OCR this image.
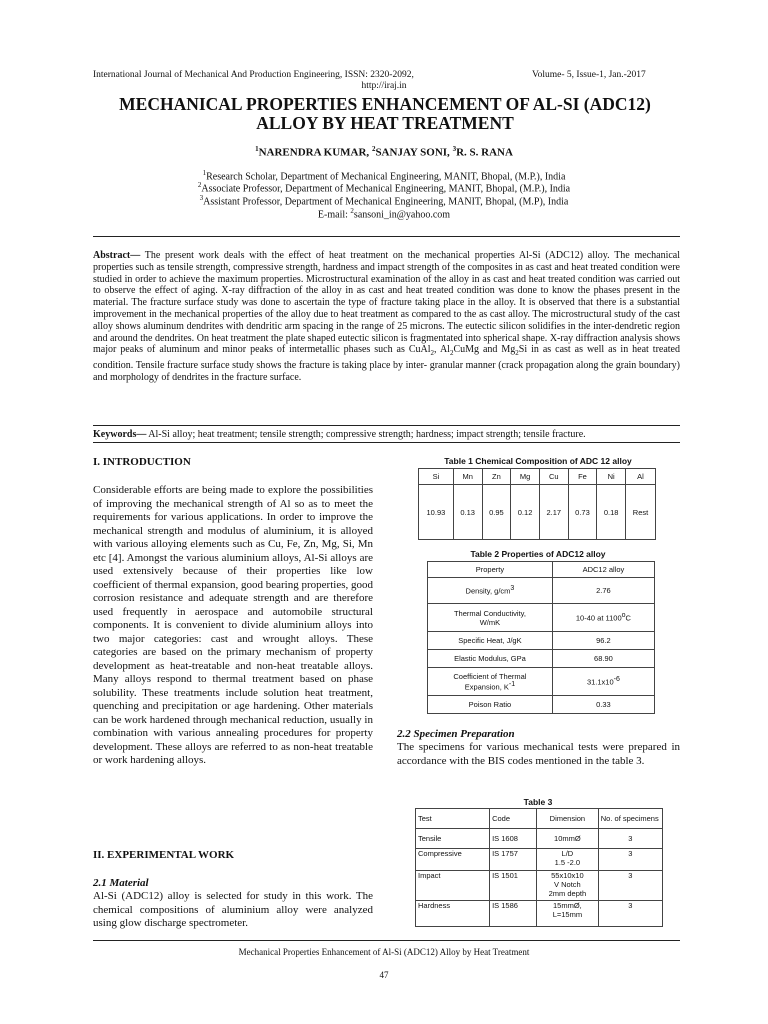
International Journal of Mechanical And Production Engineering, ISSN: 2320-2092,	Volume- 5, Issue-1, Jan.-2017
http://iraj.in
MECHANICAL PROPERTIES ENHANCEMENT OF AL-SI (ADC12)
ALLOY BY HEAT TREATMENT
$^1$NARENDRA KUMAR, $^2$SANJAY SONI, $^3$R. S. RANA
$^1$Research Scholar, Department of Mechanical Engineering, MANIT, Bhopal, (M.P.), India
$^2$Associate Professor, Department of Mechanical Engineering, MANIT, Bhopal, (M.P.), India
$^3$Assistant Professor, Department of Mechanical Engineering, MANIT, Bhopal, (M.P), India
E-mail: $^2$sansoni_in@yahoo.com
Abstract— The present work deals with the effect of heat treatment on the mechanical properties Al-Si (ADC12) alloy. The mechanical properties such as tensile strength, compressive strength, hardness and impact strength of the composites in as cast and heat treated condition were studied in order to achieve the maximum properties. Microstructural examination of the alloy in as cast and heat treated condition was carried out to observe the effect of aging. X-ray diffraction of the alloy in as cast and heat treated condition was done to know the phases present in the material. The fracture surface study was done to ascertain the type of fracture taking place in the alloy. It is observed that there is a substantial improvement in the mechanical properties of the alloy due to heat treatment as compared to the as cast alloy. The microstructural study of the cast alloy shows aluminum dendrites with dendritic arm spacing in the range of 25 microns. The eutectic silicon solidifies in the inter-dendretic region and around the dendrites. On heat treatment the plate shaped eutectic silicon is fragmentated into spherical shape. X-ray diffraction analysis shows major peaks of aluminum and minor peaks of intermetallic phases such as CuAl$_2$, $Al_2CuMg$ and $Mg_2Si$ in as cast as well as in heat treated condition. Tensile fracture surface study shows the fracture is taking place by inter- granular manner (crack propagation along the grain boundary) and morphology of dendrites in the fracture surface.
Keywords— Al-Si alloy; heat treatment; tensile strength; compressive strength; hardness; impact strength; tensile fracture.
I. INTRODUCTION
Considerable efforts are being made to explore the possibilities of improving the mechanical strength of Al so as to meet the requirements for various applications. In order to improve the mechanical strength and modulus of aluminium, it is alloyed with various alloying elements such as Cu, Fe, Zn, Mg, Si, Mn etc [4]. Amongst the various aluminium alloys, Al-Si alloys are used extensively because of their properties like low coefficient of thermal expansion, good bearing properties, good corrosion resistance and adequate strength and are therefore used frequently in aerospace and automobile structural components. It is convenient to divide aluminium alloys into two major categories: cast and wrought alloys. These categories are based on the primary mechanism of property development as heat-treatable and non-heat treatable alloys. Many alloys respond to thermal treatment based on phase solubility. These treatments include solution heat treatment, quenching and precipitation or age hardening. Other materials can be work hardened through mechanical reduction, usually in combination with various annealing procedures for property development. These alloys are referred to as non-heat treatable or work hardening alloys.
II. EXPERIMENTAL WORK
2.1 Material
Al-Si (ADC12) alloy is selected for study in this work. The chemical compositions of aluminium alloy were analyzed using glow discharge spectrometer.
Table 1 Chemical Composition of ADC 12 alloy
Si	Mn	Zn	Mg	Cu	Fe	Ni	Al
10.93	0.13	0.95	0.12	2.17	0.73	0.18	Rest
Table 2 Properties of ADC12 alloy
Property	ADC12 alloy
Density, $g/cm^3$	2.76
Thermal Conductivity,
W/mK	10-40 at 1100$^o$C
Specific Heat, J/gK	96.2
Elastic Modulus, GPa	68.90
Coefficient of Thermal
Expansion, $K^{-1}$	$31.1x10^{-6}$
Poison Ratio	0.33
2.2 Specimen Preparation
The specimens for various mechanical tests were prepared in accordance with the BIS codes mentioned in the table 3.
Table 3
Test	Code	Dimension	No. of specimens
Tensile	IS 1608	10mmØ	3
Compressive	IS 1757	L/D
1.5 -2.0	3
Impact	IS 1501	55x10x10
V Notch
2mm depth	3
Hardness	IS 1586	15mmØ,
L=15mm	3
Mechanical Properties Enhancement of Al-Si (ADC12) Alloy by Heat Treatment
47
